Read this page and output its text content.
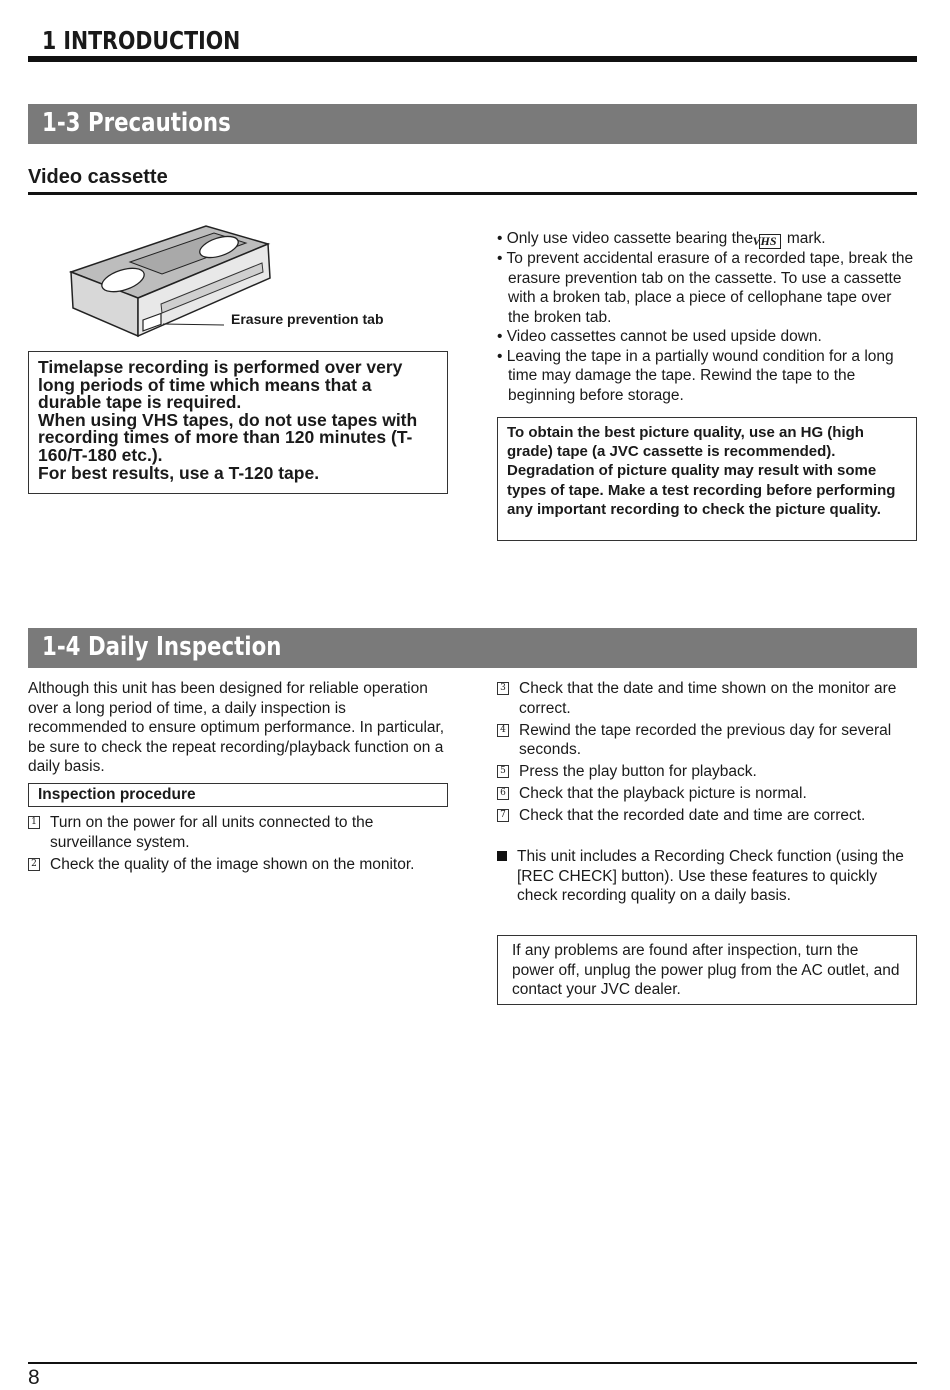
1 INTRODUCTION
1-3 Precautions
Video cassette
Erasure prevention tab

• Only use video cassette bearing the VHS mark.

• To prevent accidental erasure of a recorded tape, break the erasure prevention tab on the cassette. To use a cassette with a broken tab, place a piece of cellophane tape over the broken tab.

• Video cassettes cannot be used upside down.

• Leaving the tape in a partially wound condition for a long time may damage the tape. Rewind the tape to the beginning before storage.

Timelapse recording is performed over very long periods of time which means that a durable tape is required.

When using VHS tapes, do not use tapes with recording times of more than 120 minutes (T-160/T-180 etc.).

For best results, use a T-120 tape.

To obtain the best picture quality, use an HG (high grade) tape (a JVC cassette is recommended). Degradation of picture quality may result with some types of tape. Make a test recording before performing any important recording to check the picture quality.
1-4 Daily Inspection
Although this unit has been designed for reliable operation over a long period of time, a daily inspection is recommended to ensure optimum performance. In particular, be sure to check the repeat recording/playback function on a daily basis.
Inspection procedure
1 Turn on the power for all units connected to the surveillance system.
2 Check the quality of the image shown on the monitor.
3 Check that the date and time shown on the monitor are correct.
4 Rewind the tape recorded the previous day for several seconds.
5 Press the play button for playback.
6 Check that the playback picture is normal.
7 Check that the recorded date and time are correct.
This unit includes a Recording Check function (using the [REC CHECK] button). Use these features to quickly check recording quality on a daily basis.
If any problems are found after inspection, turn the power off, unplug the power plug from the AC outlet, and contact your JVC dealer.
8
